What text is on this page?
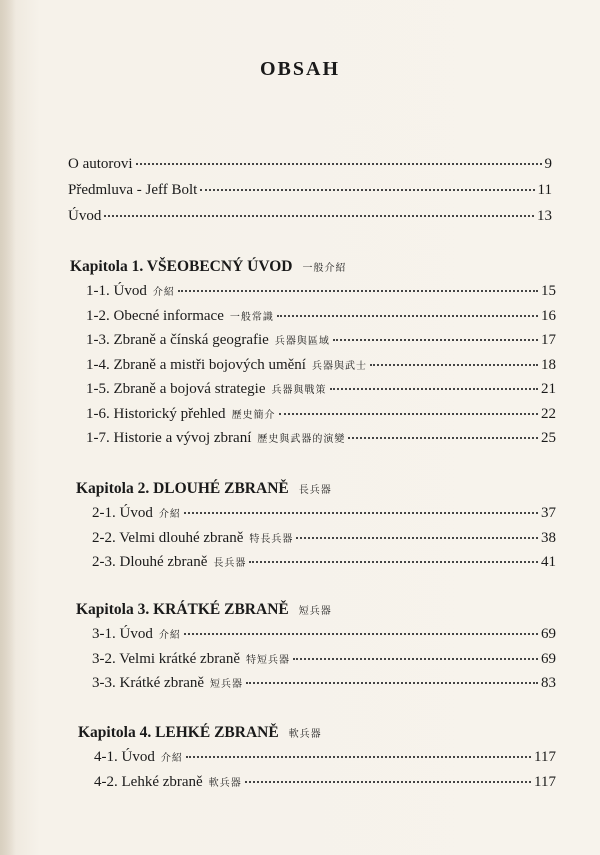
OBSAH
O autorovi	9
Předmluva - Jeff Bolt	11
Úvod	13
Kapitola 1. VŠEOBECNÝ ÚVOD 一般介紹
1-1. Úvod 介紹	15
1-2. Obecné informace 一般常識	16
1-3. Zbraně a čínská geografie 兵器與區域	17
1-4. Zbraně a mistři bojových umění 兵器與武士	18
1-5. Zbraně a bojová strategie 兵器與戰策	21
1-6. Historický přehled 歷史簡介	22
1-7. Historie a vývoj zbraní 歷史與武器的演變	25
Kapitola 2. DLOUHÉ ZBRANĚ 長兵器
2-1. Úvod 介紹	37
2-2. Velmi dlouhé zbraně 特長兵器	38
2-3. Dlouhé zbraně 長兵器	41
Kapitola 3. KRÁTKÉ ZBRANĚ 短兵器
3-1. Úvod 介紹	69
3-2. Velmi krátké zbraně 特短兵器	69
3-3. Krátké zbraně 短兵器	83
Kapitola 4. LEHKÉ ZBRANĚ 軟兵器
4-1. Úvod 介紹	117
4-2. Lehké zbraně 軟兵器	117
